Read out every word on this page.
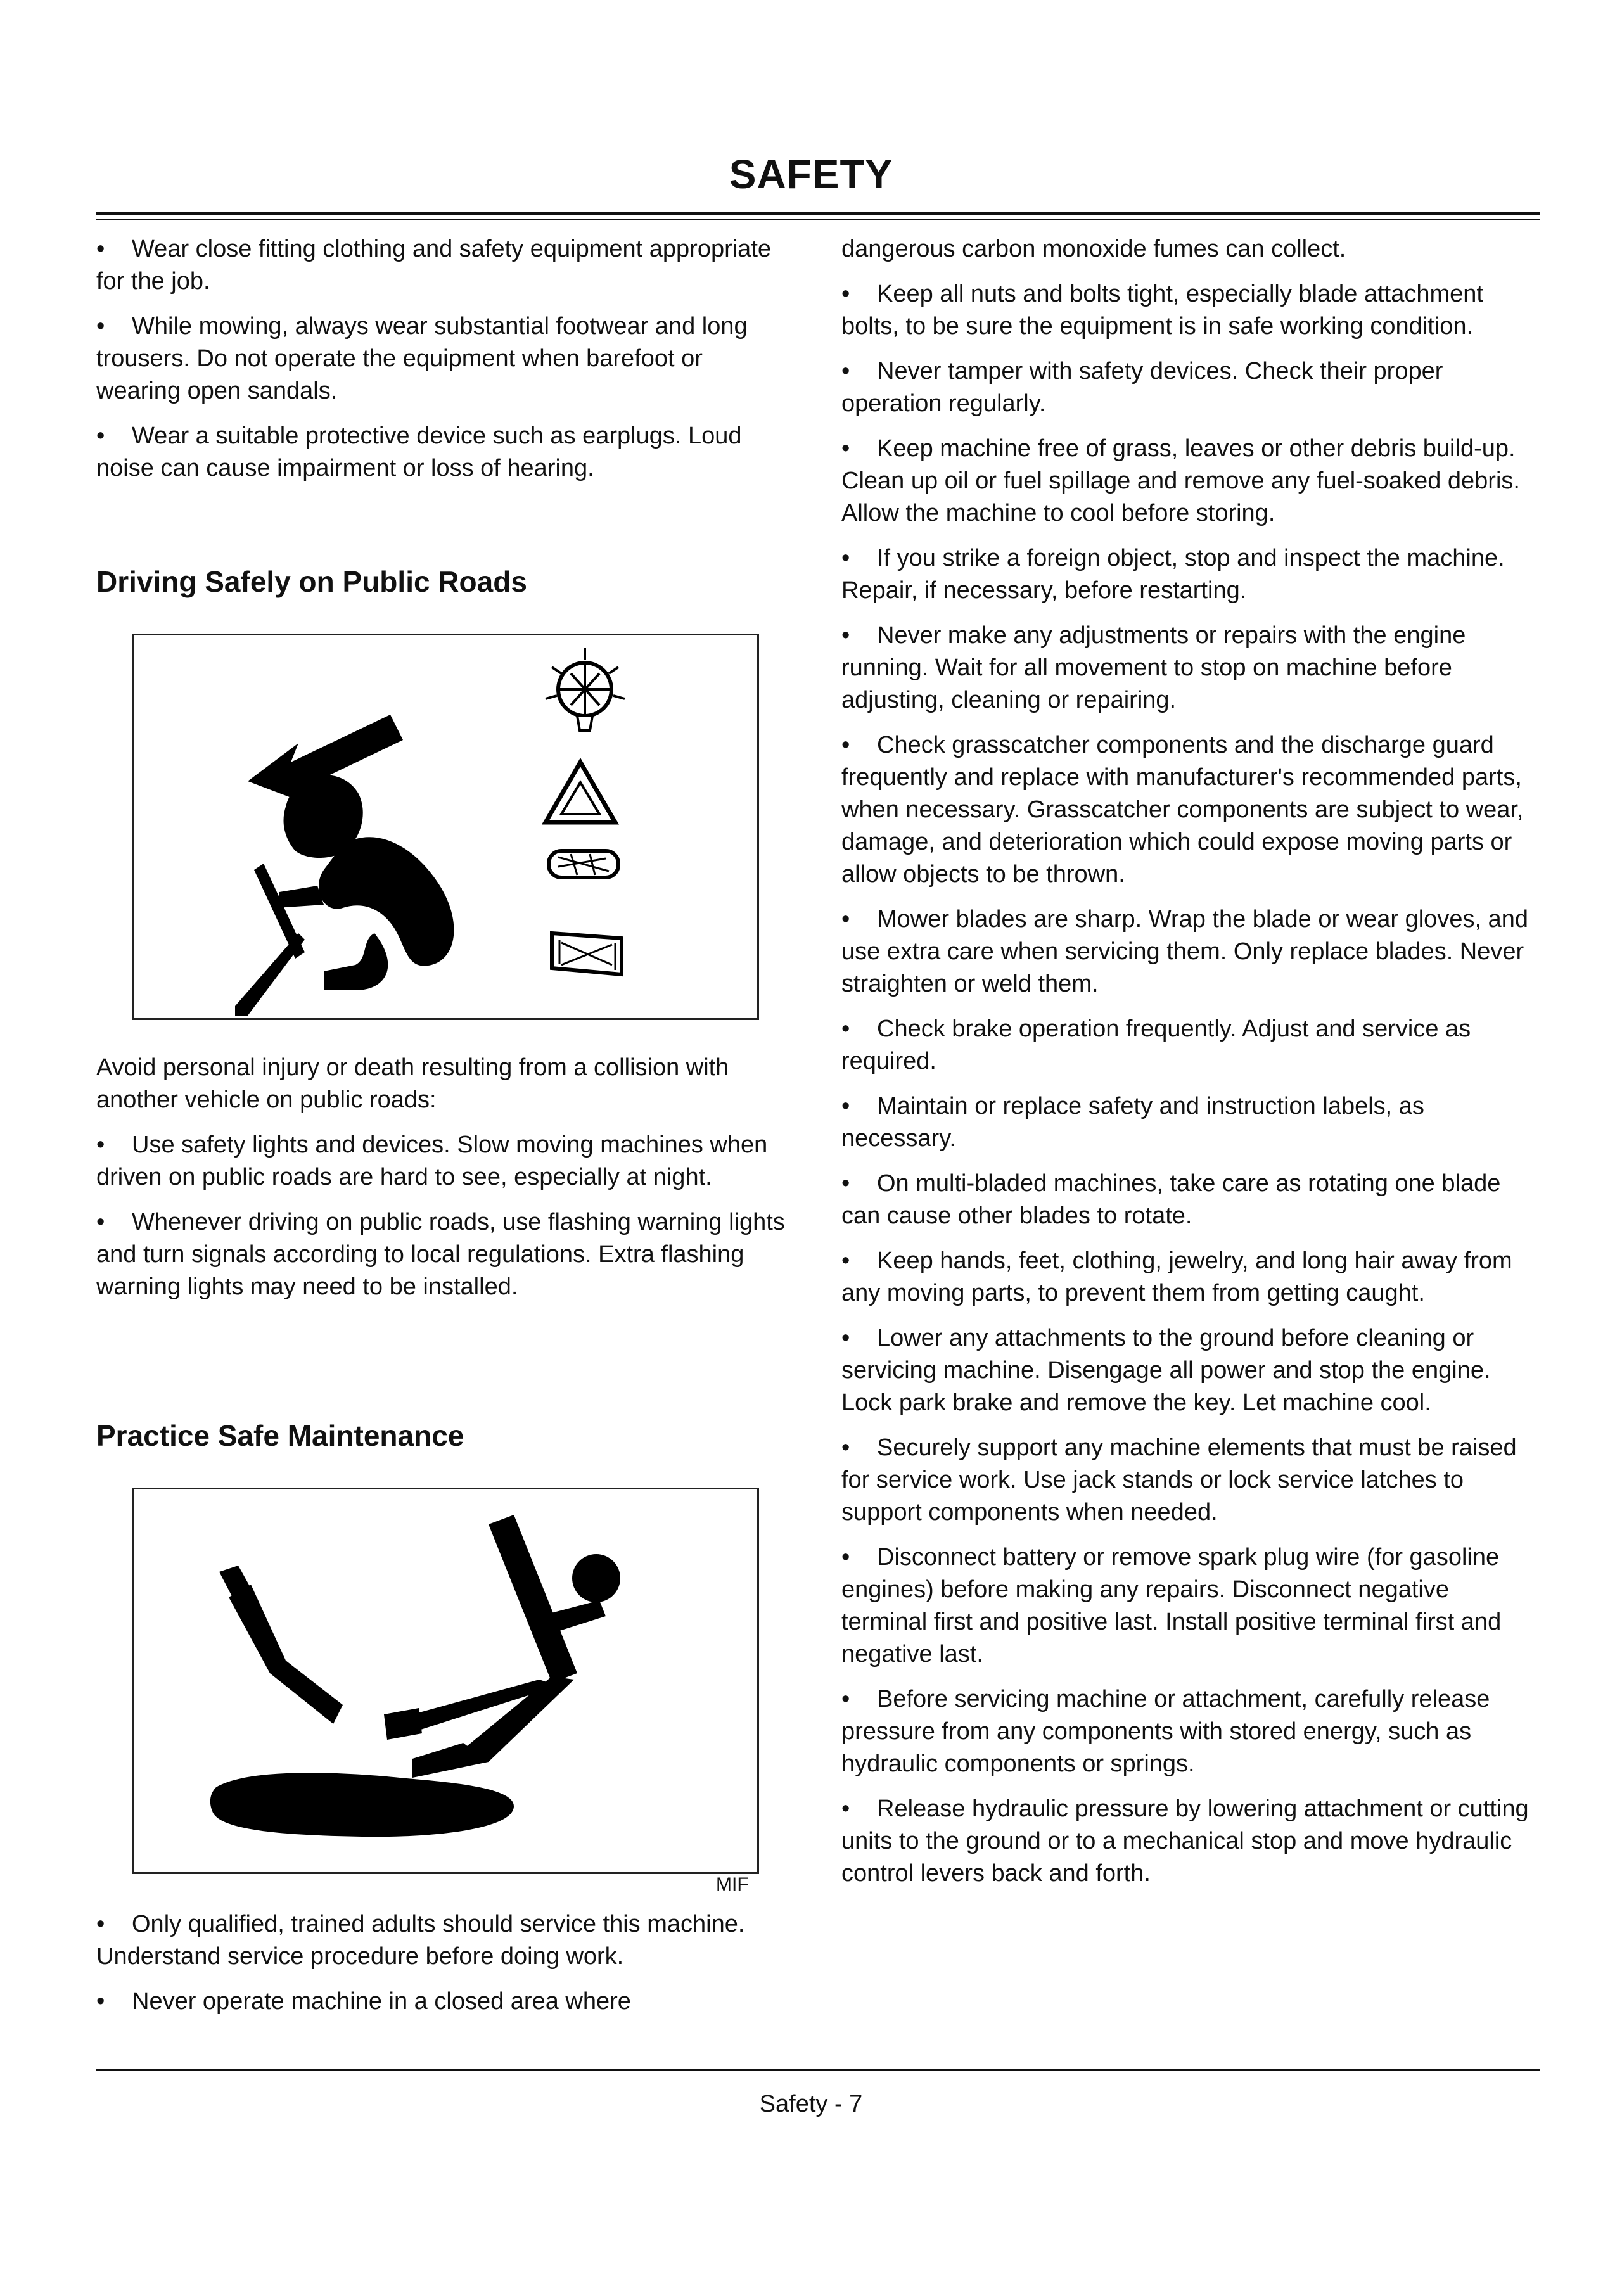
SAFETY

• Wear close fitting clothing and safety equipment appropriate for the job.

• While mowing, always wear substantial footwear and long trousers. Do not operate the equipment when barefoot or wearing open sandals.

• Wear a suitable protective device such as earplugs. Loud noise can cause impairment or loss of hearing.

Driving Safely on Public Roads

Avoid personal injury or death resulting from a collision with another vehicle on public roads:

• Use safety lights and devices. Slow moving machines when driven on public roads are hard to see, especially at night.

• Whenever driving on public roads, use flashing warning lights and turn signals according to local regulations. Extra flashing warning lights may need to be installed.

Practice Safe Maintenance
MIF

• Only qualified, trained adults should service this machine. Understand service procedure before doing work.

• Never operate machine in a closed area where

dangerous carbon monoxide fumes can collect.

• Keep all nuts and bolts tight, especially blade attachment bolts, to be sure the equipment is in safe working condition.

• Never tamper with safety devices. Check their proper operation regularly.

• Keep machine free of grass, leaves or other debris build-up. Clean up oil or fuel spillage and remove any fuel-soaked debris. Allow the machine to cool before storing.

• If you strike a foreign object, stop and inspect the machine. Repair, if necessary, before restarting.

• Never make any adjustments or repairs with the engine running. Wait for all movement to stop on machine before adjusting, cleaning or repairing.

• Check grasscatcher components and the discharge guard frequently and replace with manufacturer's recommended parts, when necessary. Grasscatcher components are subject to wear, damage, and deterioration which could expose moving parts or allow objects to be thrown.

• Mower blades are sharp. Wrap the blade or wear gloves, and use extra care when servicing them. Only replace blades. Never straighten or weld them.

• Check brake operation frequently. Adjust and service as required.

• Maintain or replace safety and instruction labels, as necessary.

• On multi-bladed machines, take care as rotating one blade can cause other blades to rotate.

• Keep hands, feet, clothing, jewelry, and long hair away from any moving parts, to prevent them from getting caught.

• Lower any attachments to the ground before cleaning or servicing machine. Disengage all power and stop the engine. Lock park brake and remove the key. Let machine cool.

• Securely support any machine elements that must be raised for service work. Use jack stands or lock service latches to support components when needed.

• Disconnect battery or remove spark plug wire (for gasoline engines) before making any repairs. Disconnect negative terminal first and positive last. Install positive terminal first and negative last.

• Before servicing machine or attachment, carefully release pressure from any components with stored energy, such as hydraulic components or springs.

• Release hydraulic pressure by lowering attachment or cutting units to the ground or to a mechanical stop and move hydraulic control levers back and forth.

Safety - 7
